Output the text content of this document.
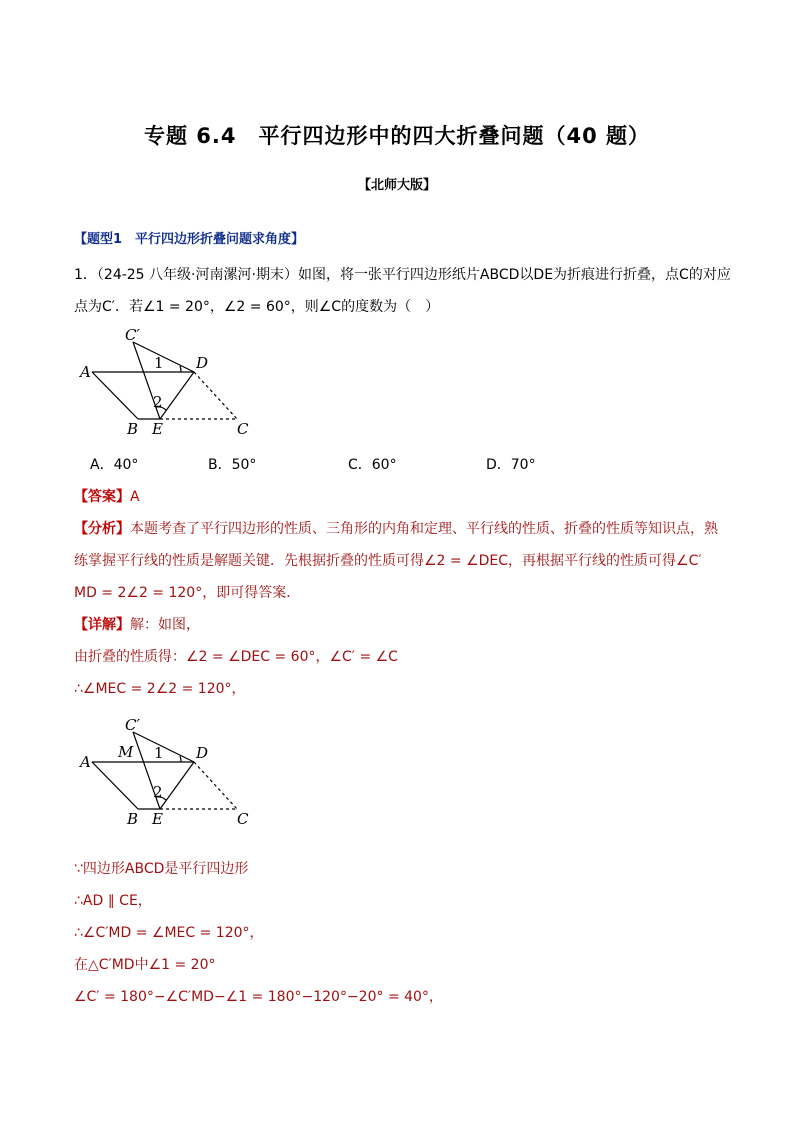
专题 6.4　平行四边形中的四大折叠问题（40 题）
【北师大版】
【题型1　平行四边形折叠问题求角度】
1．（24-25 八年级·河南漯河·期末）如图，将一张平行四边形纸片ABCD以DE为折痕进行折叠，点C的对应
点为C′．若∠1 = 20°，∠2 = 60°，则∠C的度数为（　）
C′
A	D
1
2
B E	C
A．40°	B．50°	C．60°	D．70°
【答案】A
【分析】本题考查了平行四边形的性质、三角形的内角和定理、平行线的性质、折叠的性质等知识点，熟
练掌握平行线的性质是解题关键．先根据折叠的性质可得∠2 = ∠DEC，再根据平行线的性质可得∠C′
MD = 2∠2 = 120°，即可得答案．
【详解】解：如图，
由折叠的性质得：∠2 = ∠DEC = 60°，∠C′ = ∠C
∴∠MEC = 2∠2 = 120°，
C′
M
A	D
1
2
B E	C
∵四边形ABCD是平行四边形
∴AD ∥ CE，
∴∠C′MD = ∠MEC = 120°，
在△C′MD中∠1 = 20°
∠C′ = 180°−∠C′MD−∠1 = 180°−120°−20° = 40°，
